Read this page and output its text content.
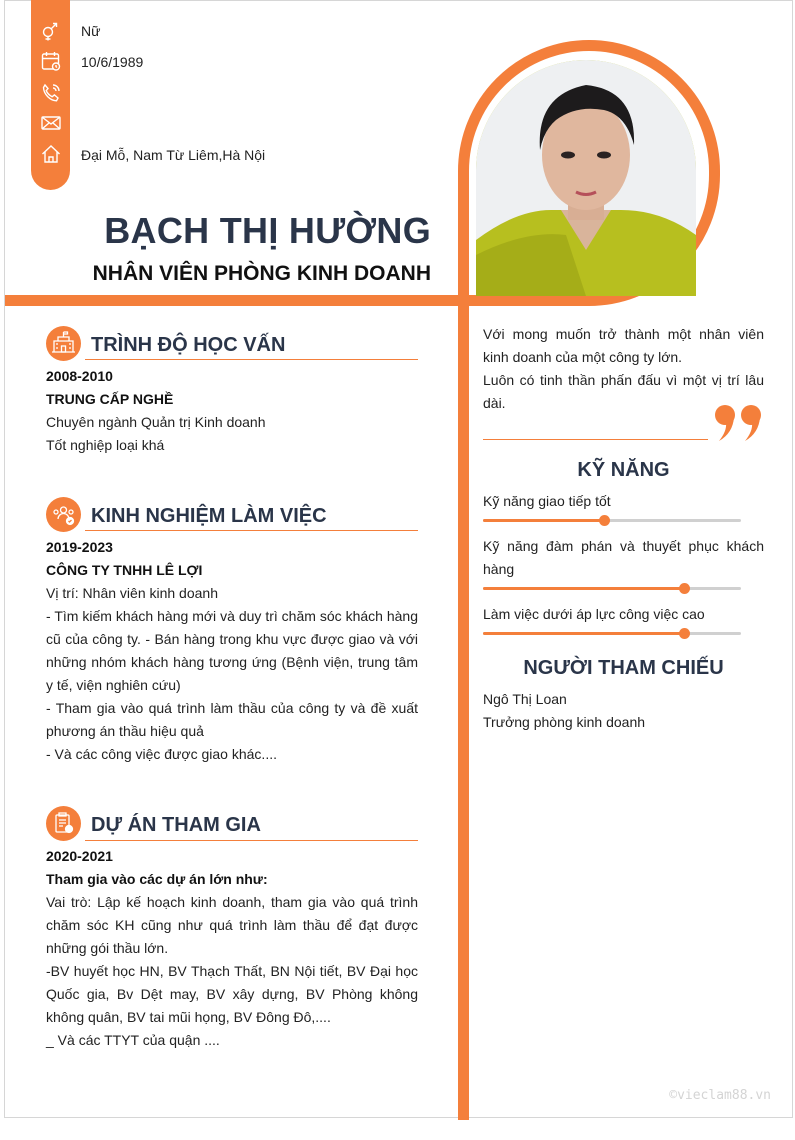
Nữ
10/6/1989
Đại Mỗ, Nam Từ Liêm,Hà Nội
BẠCH THỊ HƯỜNG
NHÂN VIÊN PHÒNG KINH DOANH
TRÌNH ĐỘ HỌC VẤN
2008-2010
TRUNG CẤP NGHỀ
Chuyên ngành Quản trị Kinh doanh
Tốt nghiệp loại khá
KINH NGHIỆM LÀM VIỆC
2019-2023
CÔNG TY TNHH LÊ LỢI
Vị trí: Nhân viên kinh doanh
- Tìm kiếm khách hàng mới và duy trì chăm sóc khách hàng cũ của công ty. - Bán hàng trong khu vực được giao và với những nhóm khách hàng tương ứng (Bệnh viện, trung tâm y tế, viện nghiên cứu)
- Tham gia vào quá trình làm thầu của công ty và đề xuất phương án thầu hiệu quả
- Và các công việc được giao khác....
DỰ ÁN THAM GIA
2020-2021
Tham gia vào các dự án lớn như:
Vai trò: Lập kế hoạch kinh doanh, tham gia vào quá trình chăm sóc KH cũng như quá trình làm thầu để đạt được những gói thầu lớn.
-BV huyết học HN, BV Thạch Thất, BN Nội tiết, BV Đại học Quốc gia, Bv Dệt may, BV xây dựng, BV Phòng không không quân, BV tai mũi họng, BV Đông Đô,....
_ Và các TTYT của quận ....
Với mong muốn trở thành một nhân viên kinh doanh của một công ty lớn.
Luôn có tinh thần phấn đấu vì một vị trí lâu dài.
KỸ NĂNG
Kỹ năng giao tiếp tốt
Kỹ năng đàm phán và thuyết phục khách hàng
Làm việc dưới áp lực công việc cao
NGƯỜI THAM CHIẾU
Ngô Thị Loan
Trưởng phòng kinh doanh
©vieclam88.vn
